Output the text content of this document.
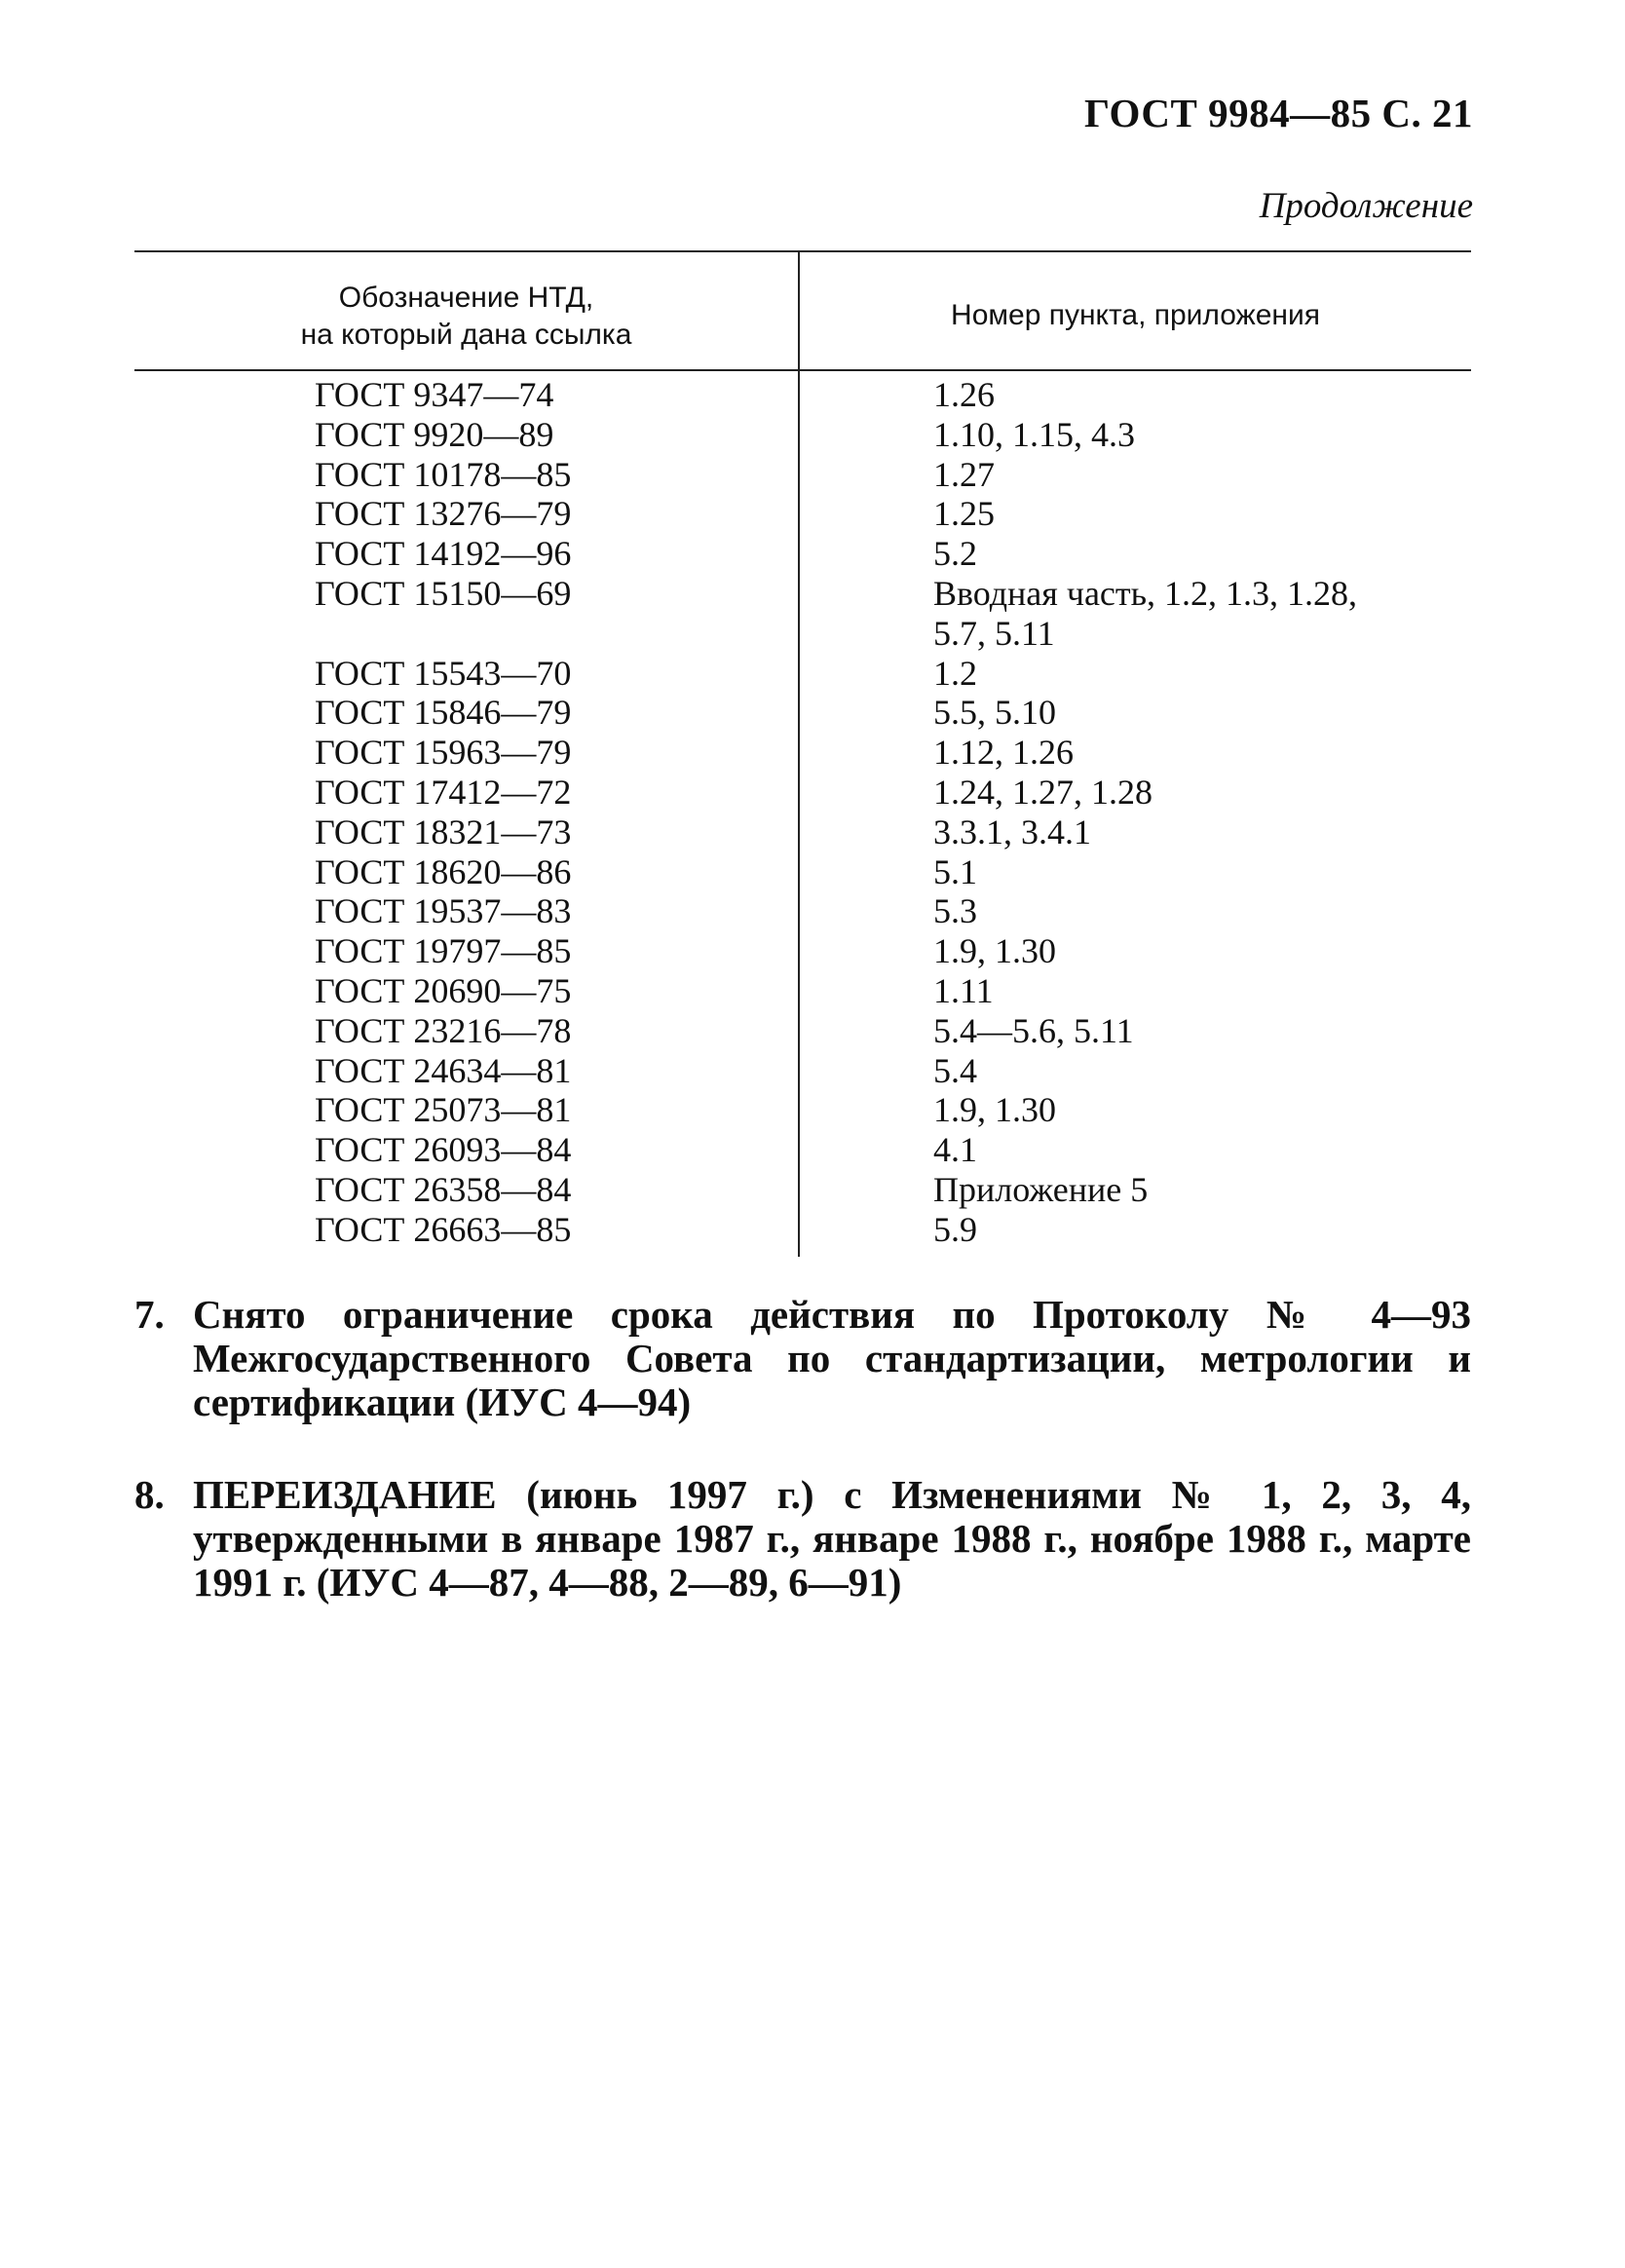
ГОСТ 9984—85 С. 21
Продолжение
Обозначение НТД,
на который дана ссылка
Номер пункта, приложения
ГОСТ 9347—74	1.26
ГОСТ 9920—89	1.10, 1.15, 4.3
ГОСТ 10178—85	1.27
ГОСТ 13276—79	1.25
ГОСТ 14192—96	5.2
ГОСТ 15150—69	Вводная часть, 1.2, 1.3, 1.28,
5.7, 5.11
ГОСТ 15543—70	1.2
ГОСТ 15846—79	5.5, 5.10
ГОСТ 15963—79	1.12, 1.26
ГОСТ 17412—72	1.24, 1.27, 1.28
ГОСТ 18321—73	3.3.1, 3.4.1
ГОСТ 18620—86	5.1
ГОСТ 19537—83	5.3
ГОСТ 19797—85	1.9, 1.30
ГОСТ 20690—75	1.11
ГОСТ 23216—78	5.4—5.6, 5.11
ГОСТ 24634—81	5.4
ГОСТ 25073—81	1.9, 1.30
ГОСТ 26093—84	4.1
ГОСТ 26358—84	Приложение 5
ГОСТ 26663—85	5.9
7. Снято ограничение срока действия по Протоколу № 4—93 Межгосударственного Совета по стандартизации, метрологии и сертификации (ИУС 4—94)
8. ПЕРЕИЗДАНИЕ (июнь 1997 г.) с Изменениями № 1, 2, 3, 4, утвержденными в январе 1987 г., январе 1988 г., ноябре 1988 г., марте 1991 г. (ИУС 4—87, 4—88, 2—89, 6—91)
